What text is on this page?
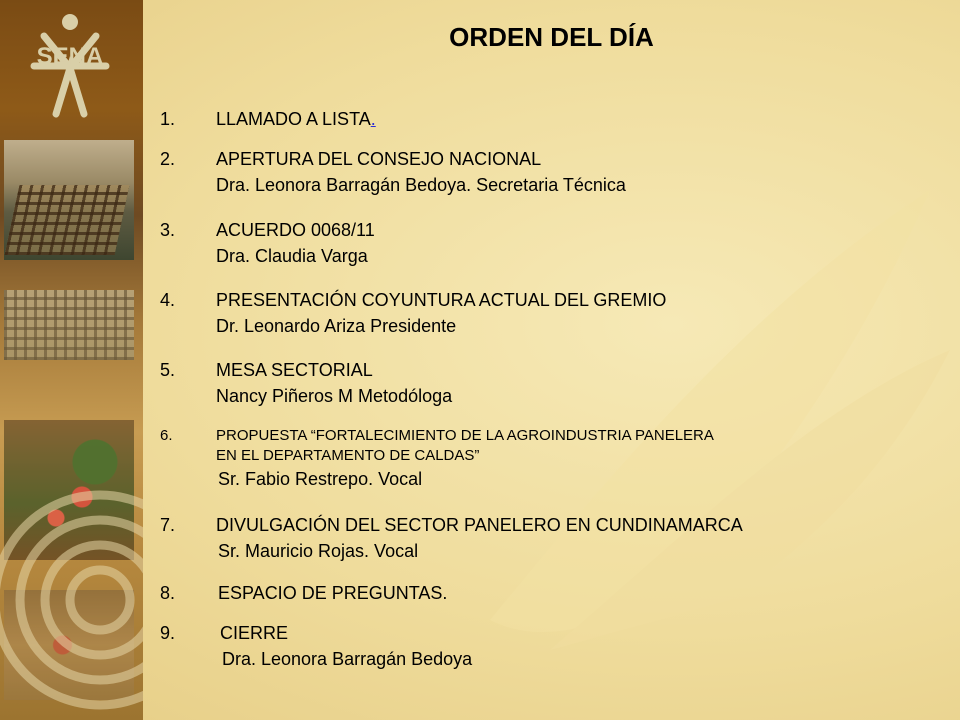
SENA
ORDEN DEL DÍA
1. LLAMADO A LISTA.
2. APERTURA DEL CONSEJO NACIONAL
Dra. Leonora Barragán Bedoya. Secretaria Técnica
3. ACUERDO 0068/11
Dra. Claudia Varga
4. PRESENTACIÓN COYUNTURA ACTUAL DEL GREMIO
Dr. Leonardo Ariza Presidente
5. MESA SECTORIAL
Nancy Piñeros M Metodóloga
6.	PROPUESTA “FORTALECIMIENTO DE LA AGROINDUSTRIA PANELERA
EN EL DEPARTAMENTO DE CALDAS”
Sr. Fabio Restrepo. Vocal
7. DIVULGACIÓN DEL SECTOR PANELERO EN CUNDINAMARCA
Sr. Mauricio Rojas. Vocal
8. ESPACIO DE PREGUNTAS.
9. CIERRE
Dra. Leonora Barragán Bedoya
